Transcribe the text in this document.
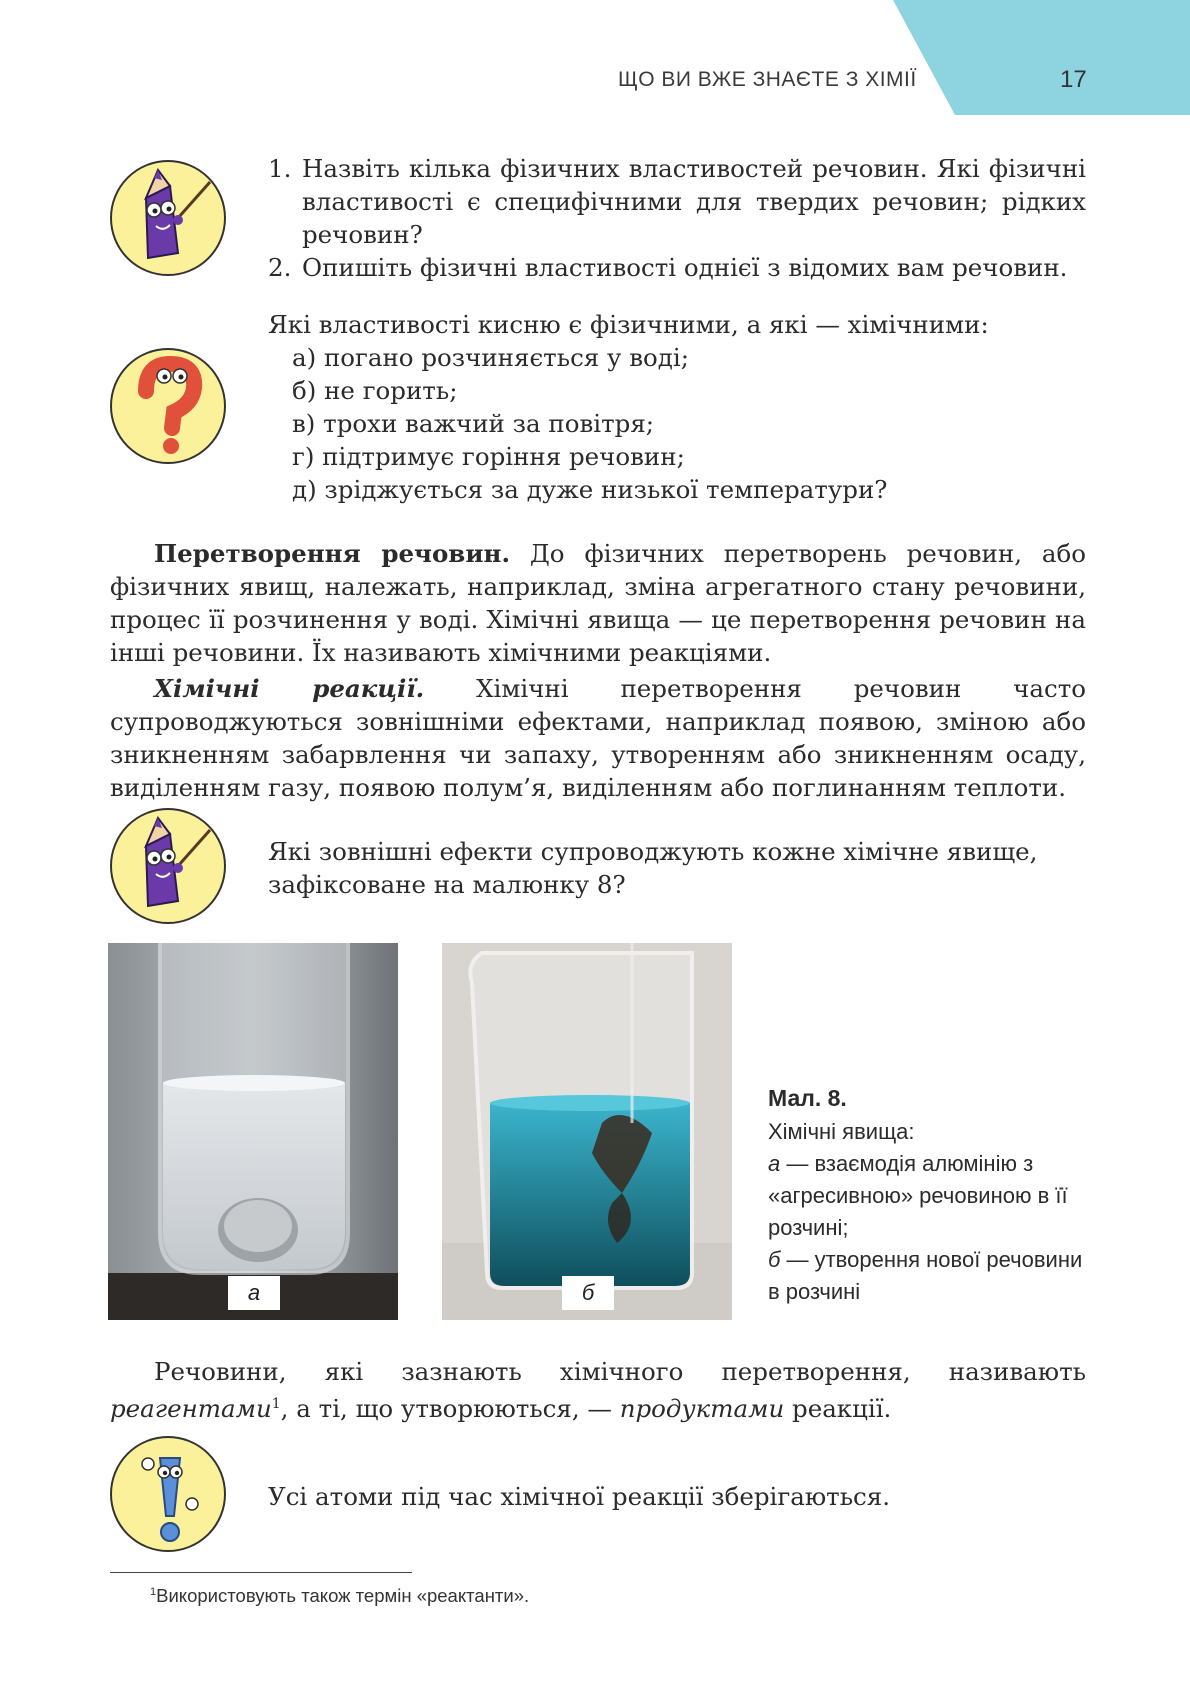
ЩО ВИ ВЖЕ ЗНАЄТЕ З ХІМІЇ	17
1. Назвіть кілька фізичних властивостей речовин. Які фізичні властивості є специфічними для твердих речовин; рідких речовин?
2. Опишіть фізичні властивості однієї з відомих вам речовин.
Які властивості кисню є фізичними, а які — хімічними:
а) погано розчиняється у воді;
б) не горить;
в) трохи важчий за повітря;
г) підтримує горіння речовин;
д) зріджується за дуже низької температури?
Перетворення речовин. До фізичних перетворень речовин, або фізичних явищ, належать, наприклад, зміна агрегатного стану речовини, процес її розчинення у воді. Хімічні явища — це перетворення речовин на інші речовини. Їх називають хімічними реакціями.
Хімічні реакції. Хімічні перетворення речовин часто супроводжуються зовнішніми ефектами, наприклад появою, зміною або зникненням забарвлення чи запаху, утворенням або зникненням осаду, виділенням газу, появою полум’я, виділенням або поглинанням теплоти.
Які зовнішні ефекти супроводжують кожне хімічне явище, зафіксоване на малюнку 8?
а	б
Мал. 8.
Хімічні явища:
а — взаємодія алюмінію з «агресивною» речовиною в її розчині;
б — утворення нової речовини в розчині
Речовини, які зазнають хімічного перетворення, називають реагентами$^1$, а ті, що утворюються, — продуктами реакції.
Усі атоми під час хімічної реакції зберігаються.
$^1$Використовують також термін «реактанти».
